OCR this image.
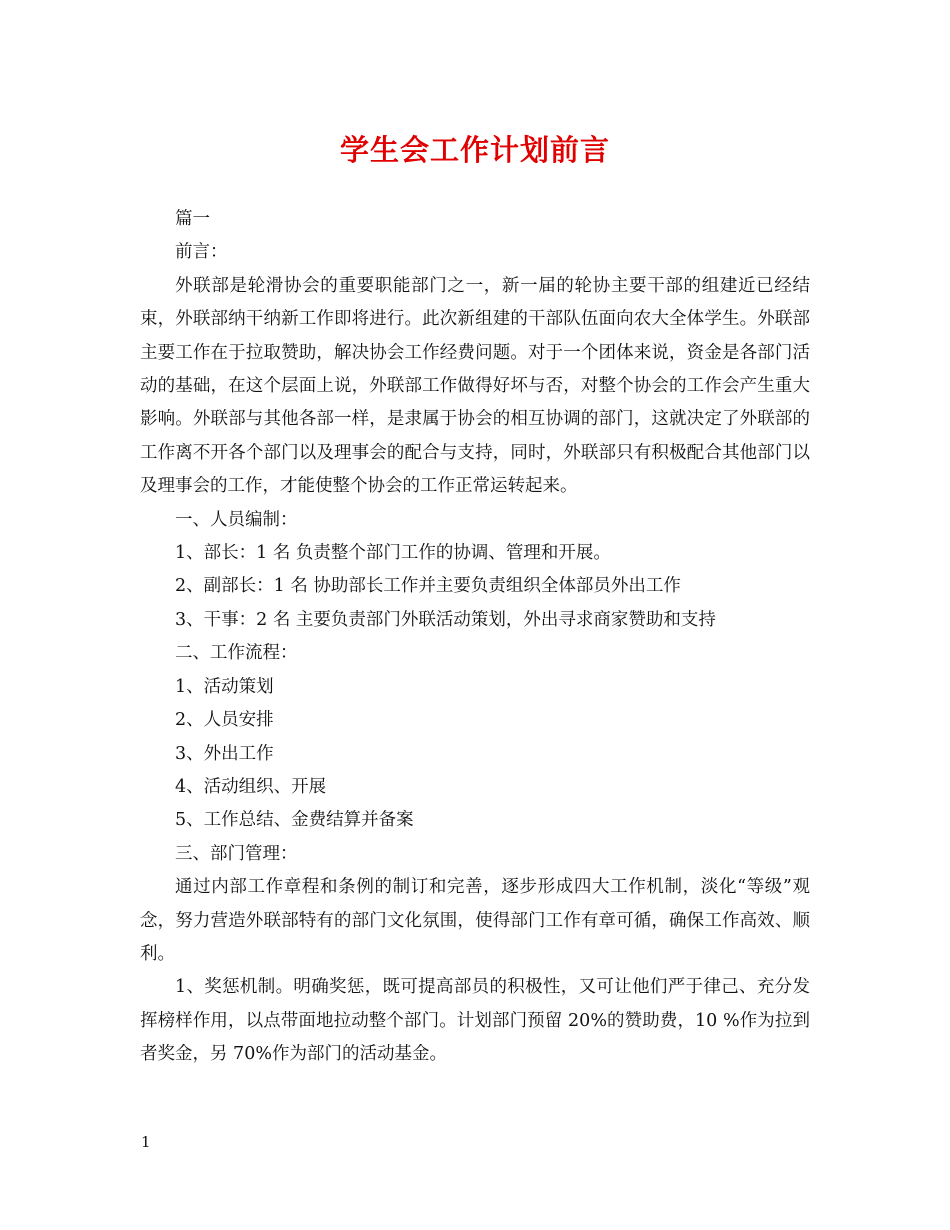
学生会工作计划前言

篇一

前言：

外联部是轮滑协会的重要职能部门之一，新一届的轮协主要干部的组建近已经结束，外联部纳干纳新工作即将进行。此次新组建的干部队伍面向农大全体学生。外联部主要工作在于拉取赞助，解决协会工作经费问题。对于一个团体来说，资金是各部门活动的基础，在这个层面上说，外联部工作做得好坏与否，对整个协会的工作会产生重大影响。外联部与其他各部一样，是隶属于协会的相互协调的部门，这就决定了外联部的工作离不开各个部门以及理事会的配合与支持，同时，外联部只有积极配合其他部门以及理事会的工作，才能使整个协会的工作正常运转起来。

一、人员编制：

1、部长：1 名 负责整个部门工作的协调、管理和开展。

2、副部长：1 名 协助部长工作并主要负责组织全体部员外出工作

3、干事：2 名 主要负责部门外联活动策划，外出寻求商家赞助和支持

二、工作流程：

1、活动策划

2、人员安排

3、外出工作

4、活动组织、开展

5、工作总结、金费结算并备案

三、部门管理：

通过内部工作章程和条例的制订和完善，逐步形成四大工作机制，淡化“等级”观念，努力营造外联部特有的部门文化氛围，使得部门工作有章可循，确保工作高效、顺利。

1、奖惩机制。明确奖惩，既可提高部员的积极性，又可让他们严于律己、充分发挥榜样作用，以点带面地拉动整个部门。计划部门预留 20%的赞助费，10 %作为拉到者奖金，另 70%作为部门的活动基金。

1
